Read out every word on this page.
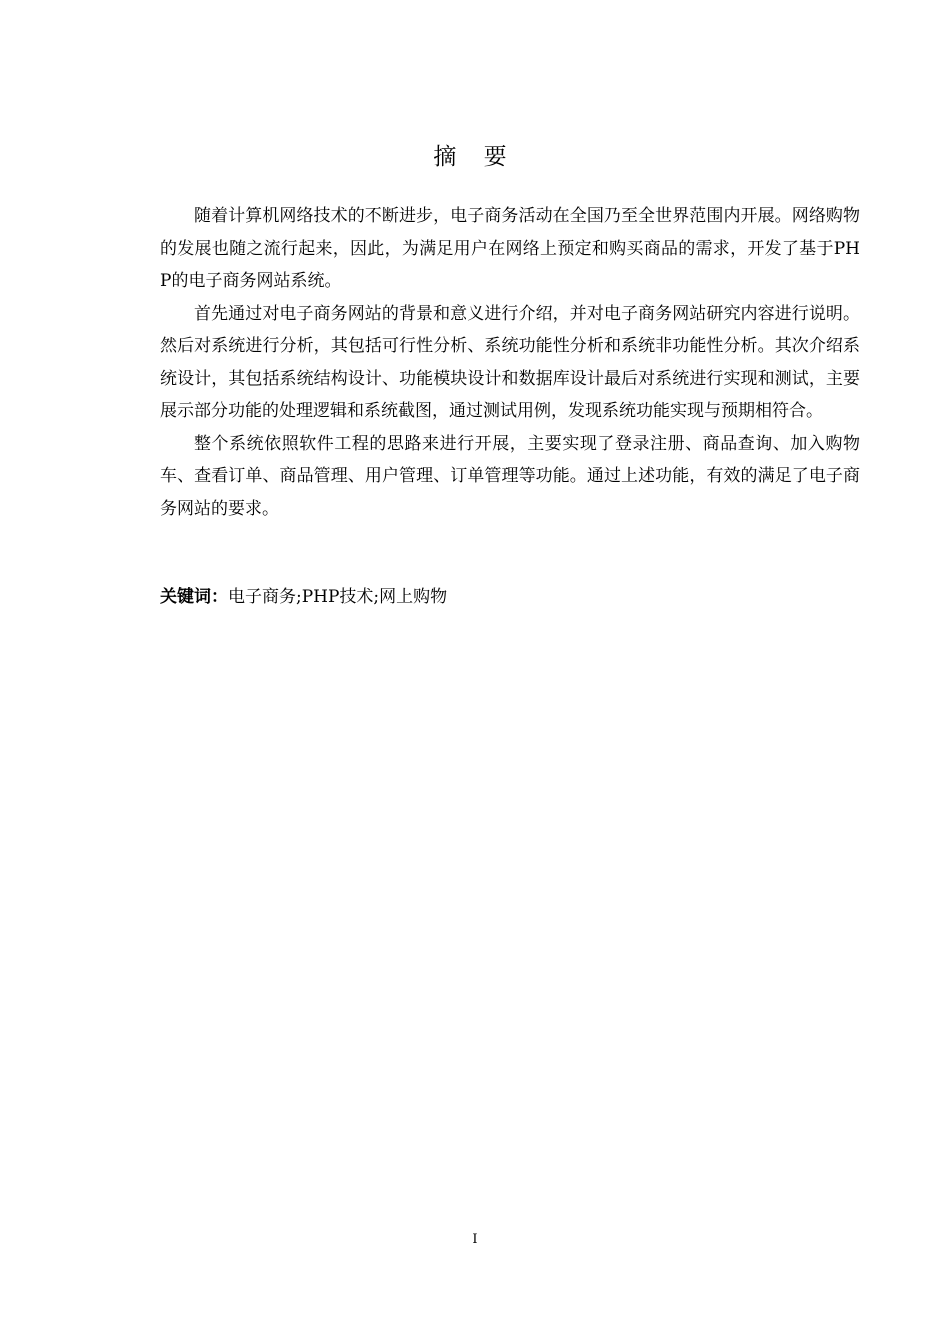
摘 要

随着计算机网络技术的不断进步，电子商务活动在全国乃至全世界范围内开展。网络购物的发展也随之流行起来，因此，为满足用户在网络上预定和购买商品的需求，开发了基于PHP的电子商务网站系统。

首先通过对电子商务网站的背景和意义进行介绍，并对电子商务网站研究内容进行说明。然后对系统进行分析，其包括可行性分析、系统功能性分析和系统非功能性分析。其次介绍系统设计，其包括系统结构设计、功能模块设计和数据库设计最后对系统进行实现和测试，主要展示部分功能的处理逻辑和系统截图，通过测试用例，发现系统功能实现与预期相符合。

整个系统依照软件工程的思路来进行开展，主要实现了登录注册、商品查询、加入购物车、查看订单、商品管理、用户管理、订单管理等功能。通过上述功能，有效的满足了电子商务网站的要求。

关键词：电子商务;PHP技术;网上购物

I
